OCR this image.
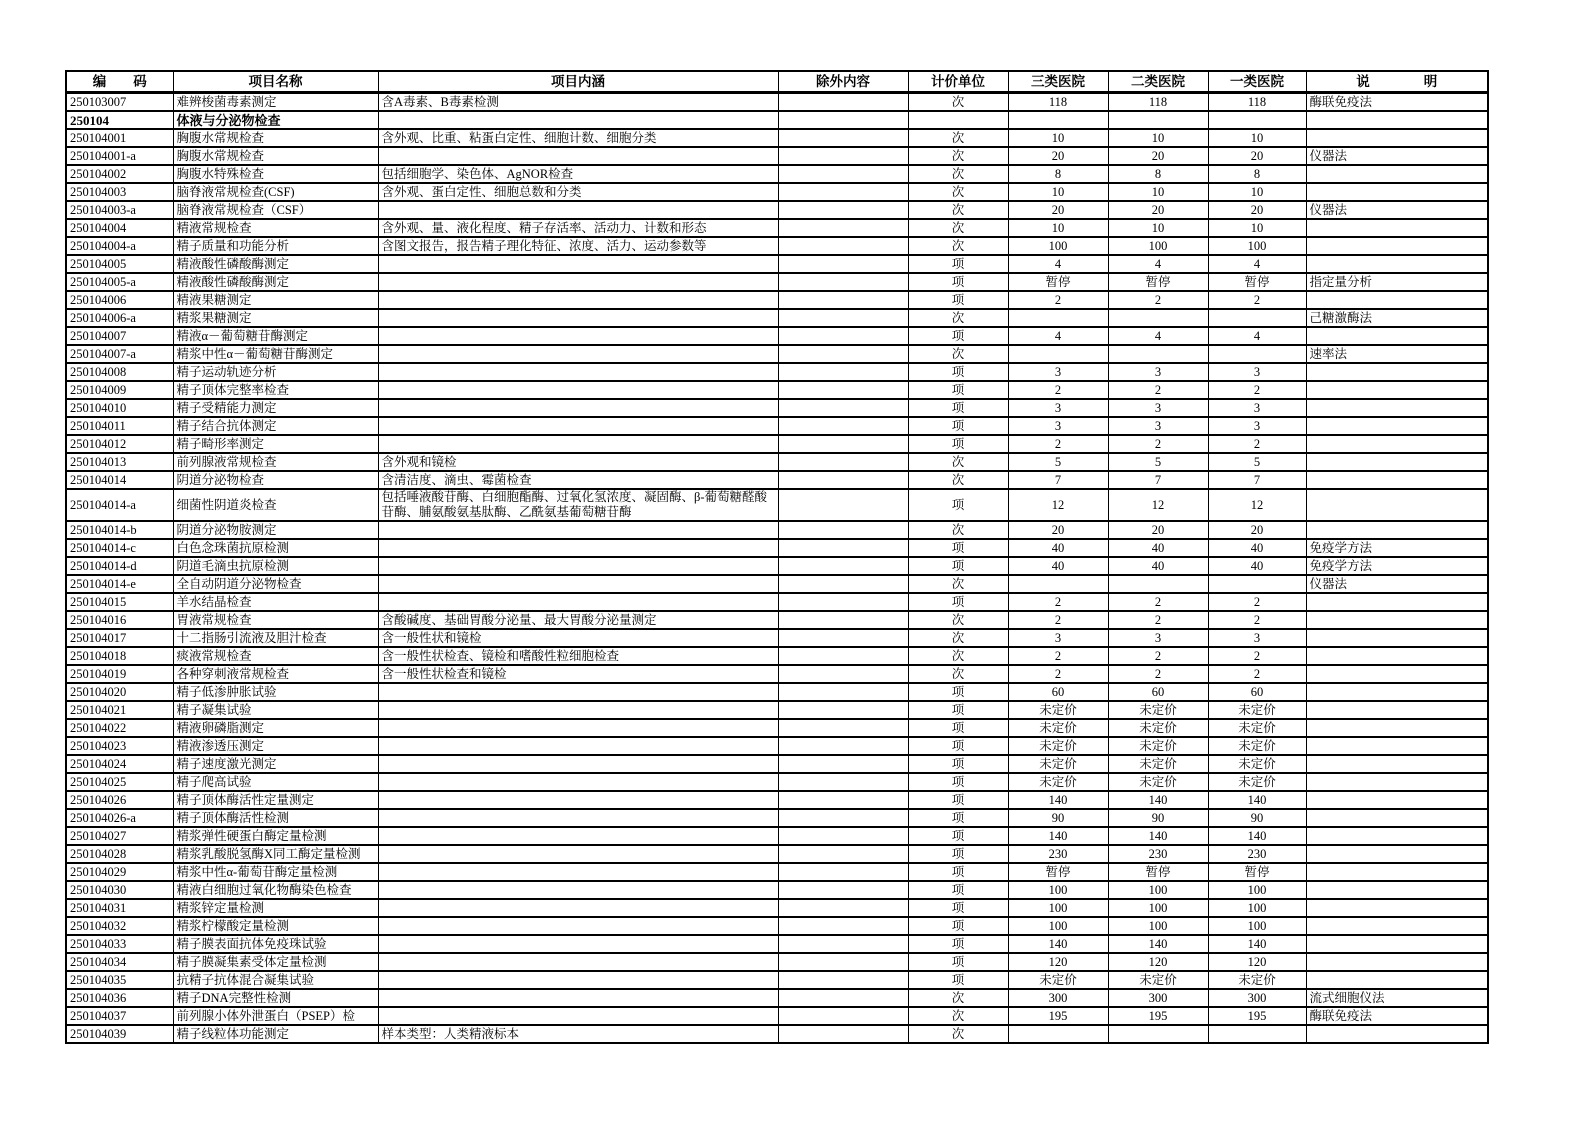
编　　码	项目名称	项目内涵	除外内容	计价单位	三类医院	二类医院	一类医院	说　　　　明
250103007	难辨梭菌毒素测定	含A毒素、B毒素检测		次	118	118	118	酶联免疫法
250104	体液与分泌物检查							
250104001	胸腹水常规检查	含外观、比重、粘蛋白定性、细胞计数、细胞分类		次	10	10	10	
250104001-a	胸腹水常规检查			次	20	20	20	仪器法
250104002	胸腹水特殊检查	包括细胞学、染色体、AgNOR检查		次	8	8	8	
250104003	脑脊液常规检查(CSF)	含外观、蛋白定性、细胞总数和分类		次	10	10	10	
250104003-a	脑脊液常规检查（CSF）			次	20	20	20	仪器法
250104004	精液常规检查	含外观、量、液化程度、精子存活率、活动力、计数和形态		次	10	10	10	
250104004-a	精子质量和功能分析	含图文报告，报告精子理化特征、浓度、活力、运动参数等		次	100	100	100	
250104005	精液酸性磷酸酶测定			项	4	4	4	
250104005-a	精液酸性磷酸酶测定			项	暂停	暂停	暂停	指定量分析
250104006	精液果糖测定			项	2	2	2	
250104006-a	精浆果糖测定			次				己糖激酶法
250104007	精液α－葡萄糖苷酶测定			项	4	4	4	
250104007-a	精浆中性α－葡萄糖苷酶测定			次				速率法
250104008	精子运动轨迹分析			项	3	3	3	
250104009	精子顶体完整率检查			项	2	2	2	
250104010	精子受精能力测定			项	3	3	3	
250104011	精子结合抗体测定			项	3	3	3	
250104012	精子畸形率测定			项	2	2	2	
250104013	前列腺液常规检查	含外观和镜检		次	5	5	5	
250104014	阴道分泌物检查	含清洁度、滴虫、霉菌检查		次	7	7	7	
250104014-a	细菌性阴道炎检查	包括唾液酸苷酶、白细胞酯酶、过氧化氢浓度、凝固酶、β-葡萄糖醛酸苷酶、脯氨酸氨基肽酶、乙酰氨基葡萄糖苷酶		项	12	12	12	
250104014-b	阴道分泌物胺测定			次	20	20	20	
250104014-c	白色念珠菌抗原检测			项	40	40	40	免疫学方法
250104014-d	阴道毛滴虫抗原检测			项	40	40	40	免疫学方法
250104014-e	全自动阴道分泌物检查			次				仪器法
250104015	羊水结晶检查			项	2	2	2	
250104016	胃液常规检查	含酸碱度、基础胃酸分泌量、最大胃酸分泌量测定		次	2	2	2	
250104017	十二指肠引流液及胆汁检查	含一般性状和镜检		次	3	3	3	
250104018	痰液常规检查	含一般性状检查、镜检和嗜酸性粒细胞检查		次	2	2	2	
250104019	各种穿刺液常规检查	含一般性状检查和镜检		次	2	2	2	
250104020	精子低渗肿胀试验			项	60	60	60	
250104021	精子凝集试验			项	未定价	未定价	未定价	
250104022	精液卵磷脂测定			项	未定价	未定价	未定价	
250104023	精液渗透压测定			项	未定价	未定价	未定价	
250104024	精子速度激光测定			项	未定价	未定价	未定价	
250104025	精子爬高试验			项	未定价	未定价	未定价	
250104026	精子顶体酶活性定量测定			项	140	140	140	
250104026-a	精子顶体酶活性检测			项	90	90	90	
250104027	精浆弹性硬蛋白酶定量检测			项	140	140	140	
250104028	精浆乳酸脱氢酶X同工酶定量检测			项	230	230	230	
250104029	精浆中性α-葡萄苷酶定量检测			项	暂停	暂停	暂停	
250104030	精液白细胞过氧化物酶染色检查			项	100	100	100	
250104031	精浆锌定量检测			项	100	100	100	
250104032	精浆柠檬酸定量检测			项	100	100	100	
250104033	精子膜表面抗体免疫珠试验			项	140	140	140	
250104034	精子膜凝集素受体定量检测			项	120	120	120	
250104035	抗精子抗体混合凝集试验			项	未定价	未定价	未定价	
250104036	精子DNA完整性检测			次	300	300	300	流式细胞仪法
250104037	前列腺小体外泄蛋白（PSEP）检			次	195	195	195	酶联免疫法
250104039	精子线粒体功能测定	样本类型：人类精液标本		次				
